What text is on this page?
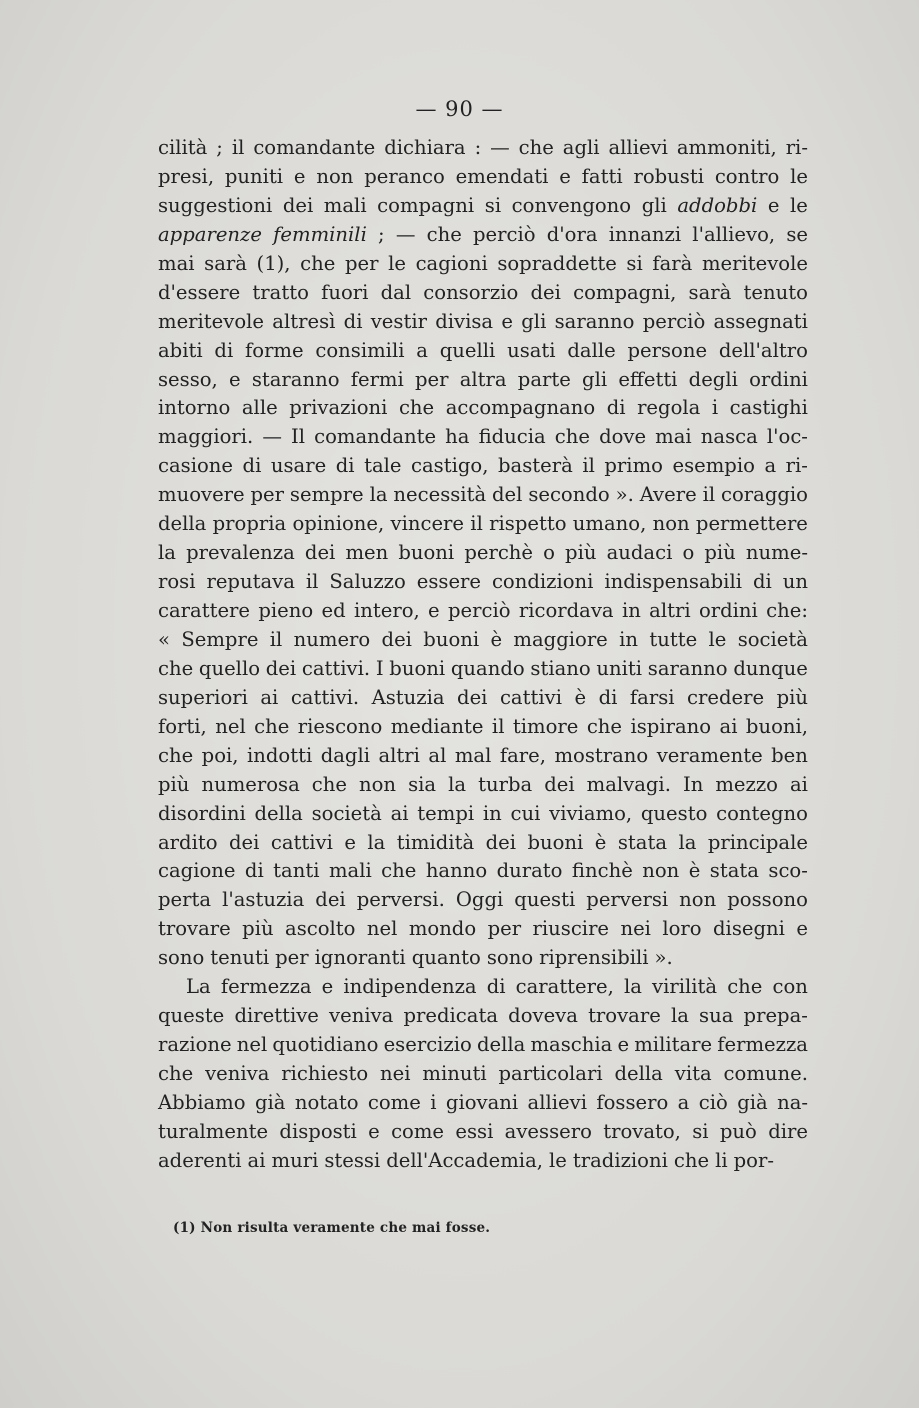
— 90 —
cilità ; il comandante dichiara : — che agli allievi ammoniti, ri-
presi, puniti e non peranco emendati e fatti robusti contro le
suggestioni dei mali compagni si convengono gli addobbi e le
apparenze femminili ; — che perciò d'ora innanzi l'allievo, se
mai sarà (1), che per le cagioni sopraddette si farà meritevole
d'essere tratto fuori dal consorzio dei compagni, sarà tenuto
meritevole altresì di vestir divisa e gli saranno perciò assegnati
abiti di forme consimili a quelli usati dalle persone dell'altro
sesso, e staranno fermi per altra parte gli effetti degli ordini
intorno alle privazioni che accompagnano di regola i castighi
maggiori. — Il comandante ha fiducia che dove mai nasca l'oc-
casione di usare di tale castigo, basterà il primo esempio a ri-
muovere per sempre la necessità del secondo ». Avere il coraggio
della propria opinione, vincere il rispetto umano, non permettere
la prevalenza dei men buoni perchè o più audaci o più nume-
rosi reputava il Saluzzo essere condizioni indispensabili di un
carattere pieno ed intero, e perciò ricordava in altri ordini che:
« Sempre il numero dei buoni è maggiore in tutte le società
che quello dei cattivi. I buoni quando stiano uniti saranno dunque
superiori ai cattivi. Astuzia dei cattivi è di farsi credere più
forti, nel che riescono mediante il timore che ispirano ai buoni,
che poi, indotti dagli altri al mal fare, mostrano veramente ben
più numerosa che non sia la turba dei malvagi. In mezzo ai
disordini della società ai tempi in cui viviamo, questo contegno
ardito dei cattivi e la timidità dei buoni è stata la principale
cagione di tanti mali che hanno durato finchè non è stata sco-
perta l'astuzia dei perversi. Oggi questi perversi non possono
trovare più ascolto nel mondo per riuscire nei loro disegni e
sono tenuti per ignoranti quanto sono riprensibili ».
La fermezza e indipendenza di carattere, la virilità che con
queste direttive veniva predicata doveva trovare la sua prepa-
razione nel quotidiano esercizio della maschia e militare fermezza
che veniva richiesto nei minuti particolari della vita comune.
Abbiamo già notato come i giovani allievi fossero a ciò già na-
turalmente disposti e come essi avessero trovato, si può dire
aderenti ai muri stessi dell'Accademia, le tradizioni che li por-
(1) Non risulta veramente che mai fosse.
